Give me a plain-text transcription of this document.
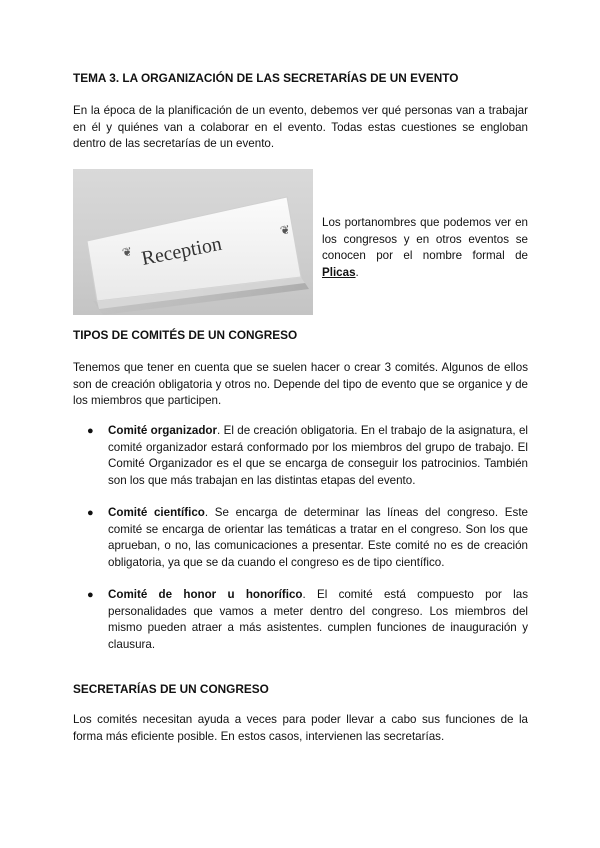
TEMA 3. LA ORGANIZACIÓN DE LAS SECRETARÍAS DE UN EVENTO

En la época de la planificación de un evento, debemos ver qué personas van a trabajar en él y quiénes van a colaborar en el evento. Todas estas cuestiones se engloban dentro de las secretarías de un evento.

Reception
❦
❦	Los portanombres que podemos ver en los congresos y en otros eventos se conocen por el nombre formal de Plicas.

TIPOS DE COMITÉS DE UN CONGRESO

Tenemos que tener en cuenta que se suelen hacer o crear 3 comités. Algunos de ellos son de creación obligatoria y otros no. Depende del tipo de evento que se organice y de los miembros que participen.

● Comité organizador. El de creación obligatoria. En el trabajo de la asignatura, el comité organizador estará conformado por los miembros del grupo de trabajo. El Comité Organizador es el que se encarga de conseguir los patrocinios. También son los que más trabajan en las distintas etapas del evento.
● Comité científico. Se encarga de determinar las líneas del congreso. Este comité se encarga de orientar las temáticas a tratar en el congreso. Son los que aprueban, o no, las comunicaciones a presentar. Este comité no es de creación obligatoria, ya que se da cuando el congreso es de tipo científico.
● Comité de honor u honorífico. El comité está compuesto por las personalidades que vamos a meter dentro del congreso. Los miembros del mismo pueden atraer a más asistentes. cumplen funciones de inauguración y clausura.
SECRETARÍAS DE UN CONGRESO

Los comités necesitan ayuda a veces para poder llevar a cabo sus funciones de la forma más eficiente posible. En estos casos, intervienen las secretarías.
